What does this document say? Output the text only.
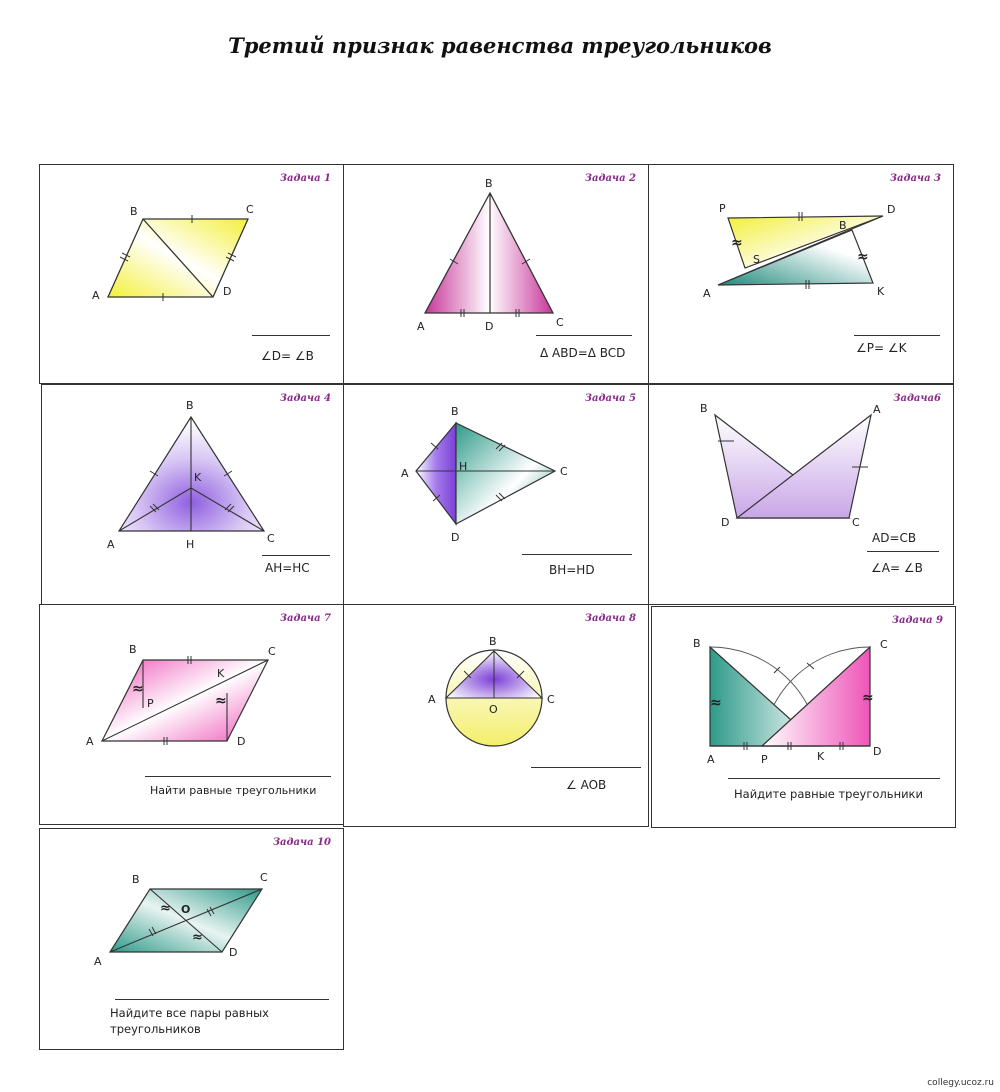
Третий признак равенства треугольников
Задача 1
A
B	C
D
∠D= ∠B
Задача 2
B
A	D	C
Δ ABD=Δ BCD
Задача 3
≈
≈
P	D
B
S
A	K
∠P= ∠K
Задача 4
B
K
A	H	C
AH=HC
Задача 5
B
A
H	C
D
BH=HD
Задача6
B	A
D	C
AD=CB
∠A= ∠B
Задача 7
≈
≈
B	C
P
K
A	D
Найти равные треугольники
Задача 8
B
A	C
O
∠ AOB
Задача 9
≈	≈
B	C
A	P	K	D
Найдите равные треугольники
Задача 10
≈
≈
B	C
O
A
D
Найдите все пары равных треугольников
collegy.ucoz.ru
